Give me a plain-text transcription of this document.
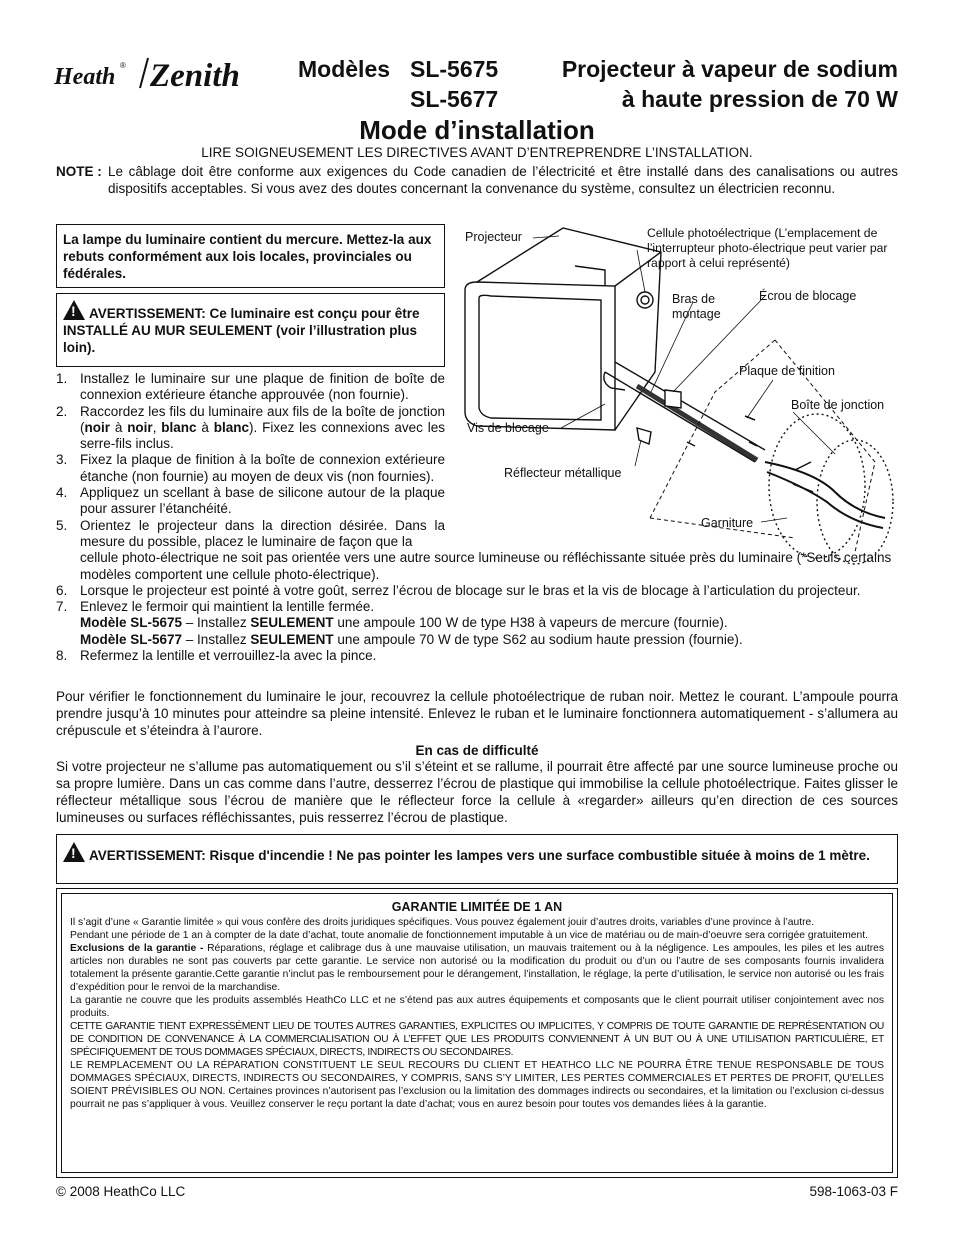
Heath ® Zenith	Modèles SL-5675
SL-5677
Projecteur à vapeur de sodium
à haute pression de 70 W
Mode d’installation
LIRE SOIGNEUSEMENT LES DIRECTIVES AVANT D’ENTREPRENDRE L’INSTALLATION.
NOTE : Le câblage doit être conforme aux exigences du Code canadien de l’électricité et être installé dans des canalisations ou autres dispositifs acceptables. Si vous avez des doutes concernant la convenance du système, consultez un électricien reconnu.
La lampe du luminaire contient du mercure. Mettez-la aux rebuts conformément aux lois locales, provinciales ou fédérales.
!AVERTISSEMENT: Ce luminaire est conçu pour être INSTALLÉ AU MUR SEULEMENT (voir l’illustration plus loin).
1. Installez le luminaire sur une plaque de finition de boîte de connexion extérieure étanche approuvée (non fournie).
2. Raccordez les fils du luminaire aux fils de la boîte de jonction (noir à noir, blanc à blanc). Fixez les connexions avec les serre-fils inclus.
3. Fixez la plaque de finition à la boîte de connexion extérieure étanche (non fournie) au moyen de deux vis (non fournies).
4. Appliquez un scellant à base de silicone autour de la plaque pour assurer l’étanchéité.
5. Orientez le projecteur dans la direction désirée. Dans la mesure du possible, placez le luminaire de façon que la
cellule photo-électrique ne soit pas orientée vers une autre source lumineuse ou réfléchissante située près du luminaire (*Seuls certains modèles comportent une cellule photo-électrique).
6. Lorsque le projecteur est pointé à votre goût, serrez l’écrou de blocage sur le bras et la vis de blocage à l’articulation du projecteur.
7. Enlevez le fermoir qui maintient la lentille fermée.
Modèle SL-5675 – Installez SEULEMENT une ampoule 100 W de type H38 à vapeurs de mercure (fournie).
Modèle SL-5677 – Installez SEULEMENT une ampoule 70 W de type S62 au sodium haute pression (fournie).
8. Refermez la lentille et verrouillez-la avec la pince.
Pour vérifier le fonctionnement du luminaire le jour, recouvrez la cellule photoélectrique de ruban noir. Mettez le courant. L’ampoule pourra prendre jusqu’à 10 minutes pour atteindre sa pleine intensité. Enlevez le ruban et le luminaire fonctionnera automatiquement - s’allumera au crépuscule et s’éteindra à l’aurore.
En cas de difficulté
Si votre projecteur ne s’allume pas automatiquement ou s’il s’éteint et se rallume, il pourrait être affecté par une source lumineuse proche ou sa propre lumière. Dans un cas comme dans l’autre, desserrez l’écrou de plastique qui immobilise la cellule photoélectrique. Faites glisser le réflecteur métallique sous l’écrou de manière que le réflecteur force la cellule à «regarder» ailleurs qu’en direction de ces sources lumineuses ou surfaces réfléchissantes, puis resserrez l’écrou de plastique.
!AVERTISSEMENT: Risque d'incendie ! Ne pas pointer les lampes vers une surface combustible située à moins de 1 mètre.
GARANTIE LIMITÉE DE 1 AN

Il s’agit d’une « Garantie limitée » qui vous confère des droits juridiques spécifiques. Vous pouvez également jouir d’autres droits, variables d’une province à l’autre.

Pendant une période de 1 an à compter de la date d’achat, toute anomalie de fonctionnement imputable à un vice de matériau ou de main-d’oeuvre sera corrigée gratuitement.

Exclusions de la garantie - Réparations, réglage et calibrage dus à une mauvaise utilisation, un mauvais traitement ou à la négligence. Les ampoules, les piles et les autres articles non durables ne sont pas couverts par cette garantie. Le service non autorisé ou la modification du produit ou d’un ou l’autre de ses composants fournis invalidera totalement la présente garantie.Cette garantie n’inclut pas le remboursement pour le dérangement, l’installation, le réglage, la perte d’utilisation, le service non autorisé ou les frais d’expédition pour le renvoi de la marchandise.

La garantie ne couvre que les produits assemblés HeathCo LLC et ne s’étend pas aux autres équipements et composants que le client pourrait utiliser conjointement avec nos produits.

CETTE GARANTIE TIENT EXPRESSÉMENT LIEU DE TOUTES AUTRES GARANTIES, EXPLICITES OU IMPLICITES, Y COMPRIS DE TOUTE GARANTIE DE REPRÉSENTATION OU DE CONDITION DE CONVENANCE À LA COMMERCIALISATION OU À L’EFFET QUE LES PRODUITS CONVIENNENT À UN BUT OU À UNE UTILISATION PARTICULIÈRE, ET SPÉCIFIQUEMENT DE TOUS DOMMAGES SPÉCIAUX, DIRECTS, INDIRECTS OU SECONDAIRES.

LE REMPLACEMENT OU LA RÉPARATION CONSTITUENT LE SEUL RECOURS DU CLIENT ET HEATHCO LLC NE POURRA ÊTRE TENUE RESPONSABLE DE TOUS DOMMAGES SPÉCIAUX, DIRECTS, INDIRECTS OU SECONDAIRES, Y COMPRIS, SANS S’Y LIMITER, LES PERTES COMMERCIALES ET PERTES DE PROFIT, QU’ELLES SOIENT PRÉVISIBLES OU NON. Certaines provinces n’autorisent pas l’exclusion ou la limitation des dommages indirects ou secondaires, et la limitation ou l’exclusion ci-dessus pourrait ne pas s’appliquer à vous. Veuillez conserver le reçu portant la date d’achat; vous en aurez besoin pour toutes vos demandes liées à la garantie.

© 2008 HeathCo LLC	598-1063-03 F
Projecteur	Cellule photoélectrique (L’emplacement de l’interrupteur photo-électrique peut varier par rapport à celui représenté)
Bras de montage
Écrou de blocage
Plaque de finition
Boîte de jonction
Vis de blocage
Réflecteur métallique
Garniture
